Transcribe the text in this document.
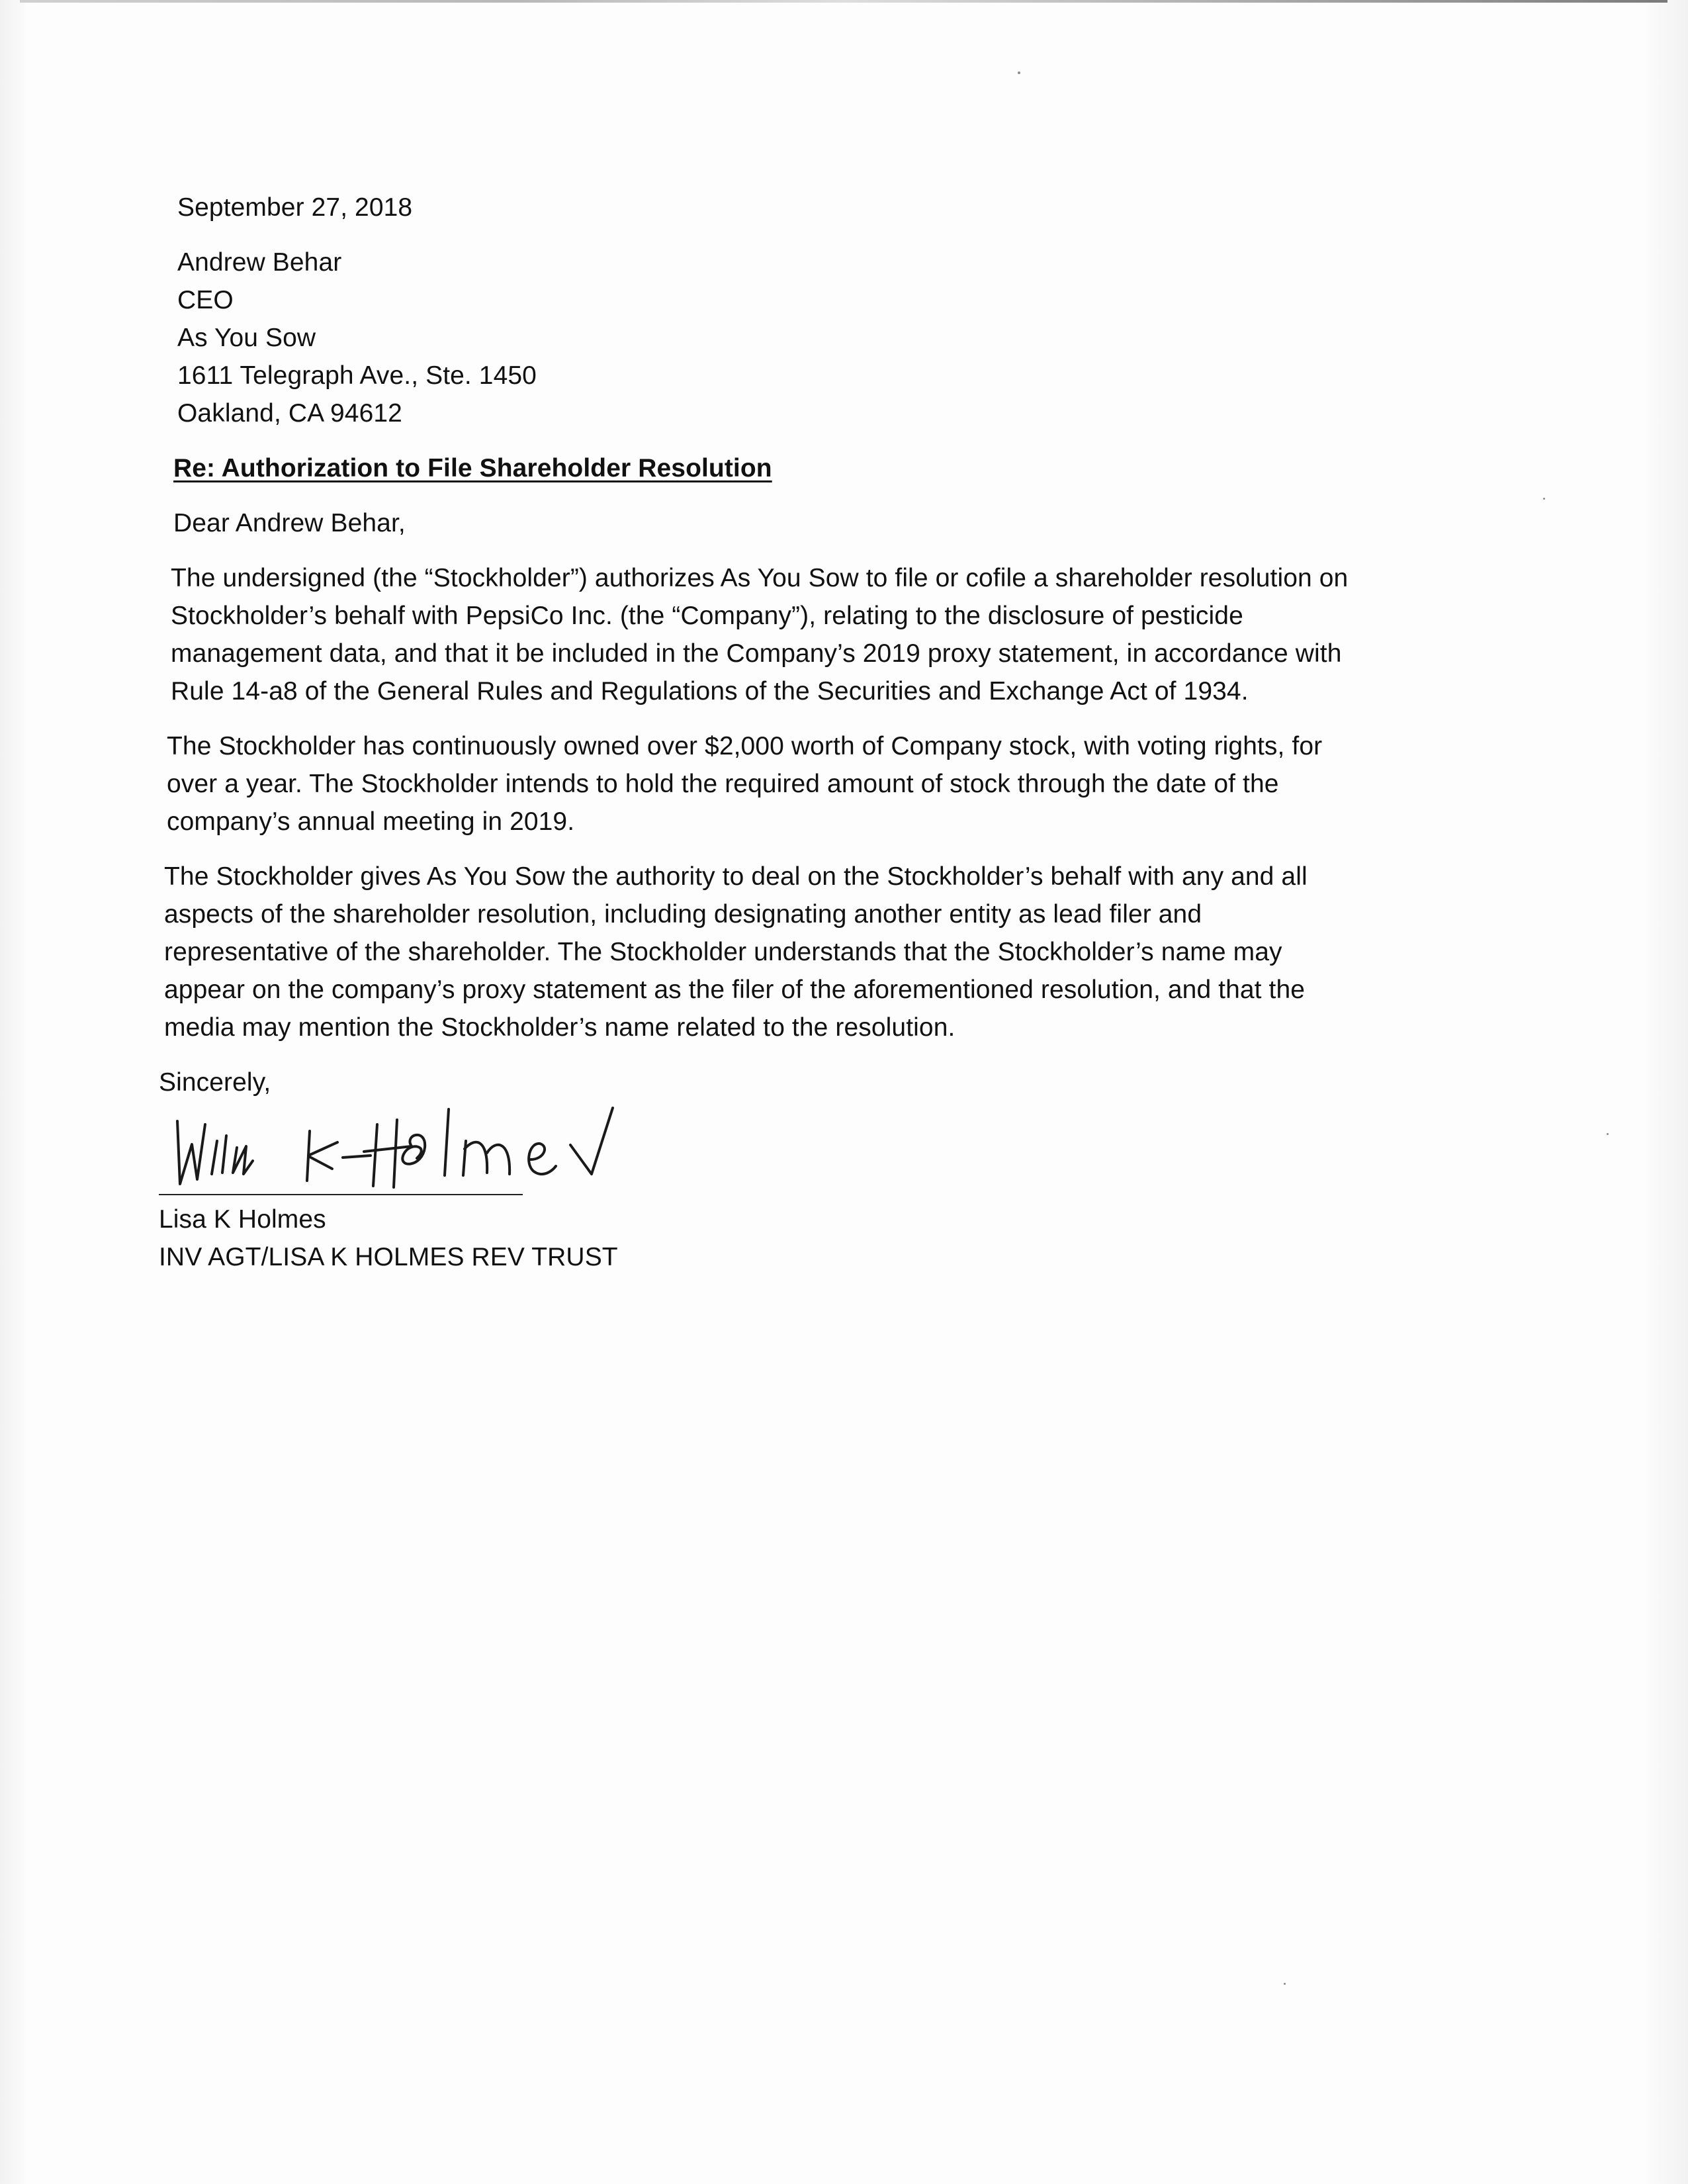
September 27, 2018
Andrew Behar
CEO
As You Sow
1611 Telegraph Ave., Ste. 1450
Oakland, CA 94612
Re: Authorization to File Shareholder Resolution
Dear Andrew Behar,
The undersigned (the “Stockholder”) authorizes As You Sow to file or cofile a shareholder resolution on
Stockholder’s behalf with PepsiCo Inc. (the “Company”), relating to the disclosure of pesticide
management data, and that it be included in the Company’s 2019 proxy statement, in accordance with
Rule 14-a8 of the General Rules and Regulations of the Securities and Exchange Act of 1934.
The Stockholder has continuously owned over $2,000 worth of Company stock, with voting rights, for
over a year. The Stockholder intends to hold the required amount of stock through the date of the
company’s annual meeting in 2019.
The Stockholder gives As You Sow the authority to deal on the Stockholder’s behalf with any and all
aspects of the shareholder resolution, including designating another entity as lead filer and
representative of the shareholder. The Stockholder understands that the Stockholder’s name may
appear on the company’s proxy statement as the filer of the aforementioned resolution, and that the
media may mention the Stockholder’s name related to the resolution.
Sincerely,
Lisa K Holmes
INV AGT/LISA K HOLMES REV TRUST
